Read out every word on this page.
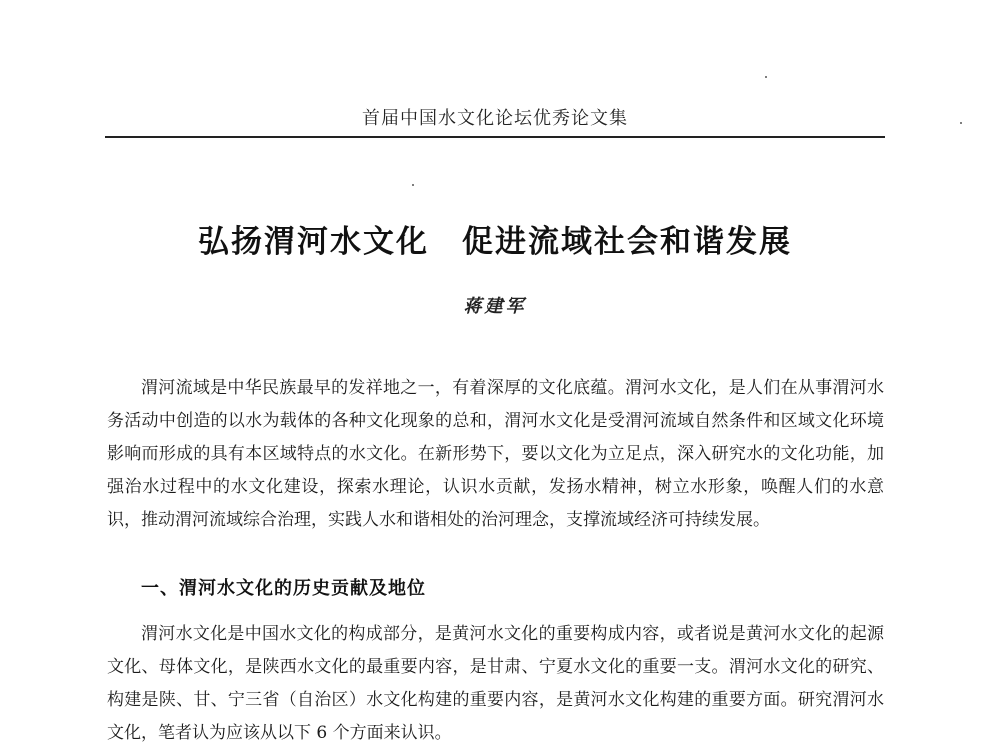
首届中国水文化论坛优秀论文集
弘扬渭河水文化　促进流域社会和谐发展
蒋建军

渭河流域是中华民族最早的发祥地之一，有着深厚的文化底蕴。渭河水文化，是人们在从事渭河水务活动中创造的以水为载体的各种文化现象的总和，渭河水文化是受渭河流域自然条件和区域文化环境影响而形成的具有本区域特点的水文化。在新形势下，要以文化为立足点，深入研究水的文化功能，加强治水过程中的水文化建设，探索水理论，认识水贡献，发扬水精神，树立水形象，唤醒人们的水意识，推动渭河流域综合治理，实践人水和谐相处的治河理念，支撑流域经济可持续发展。

一、渭河水文化的历史贡献及地位

渭河水文化是中国水文化的构成部分，是黄河水文化的重要构成内容，或者说是黄河水文化的起源文化、母体文化，是陕西水文化的最重要内容，是甘肃、宁夏水文化的重要一支。渭河水文化的研究、构建是陕、甘、宁三省（自治区）水文化构建的重要内容，是黄河水文化构建的重要方面。研究渭河水文化，笔者认为应该从以下 6 个方面来认识。
